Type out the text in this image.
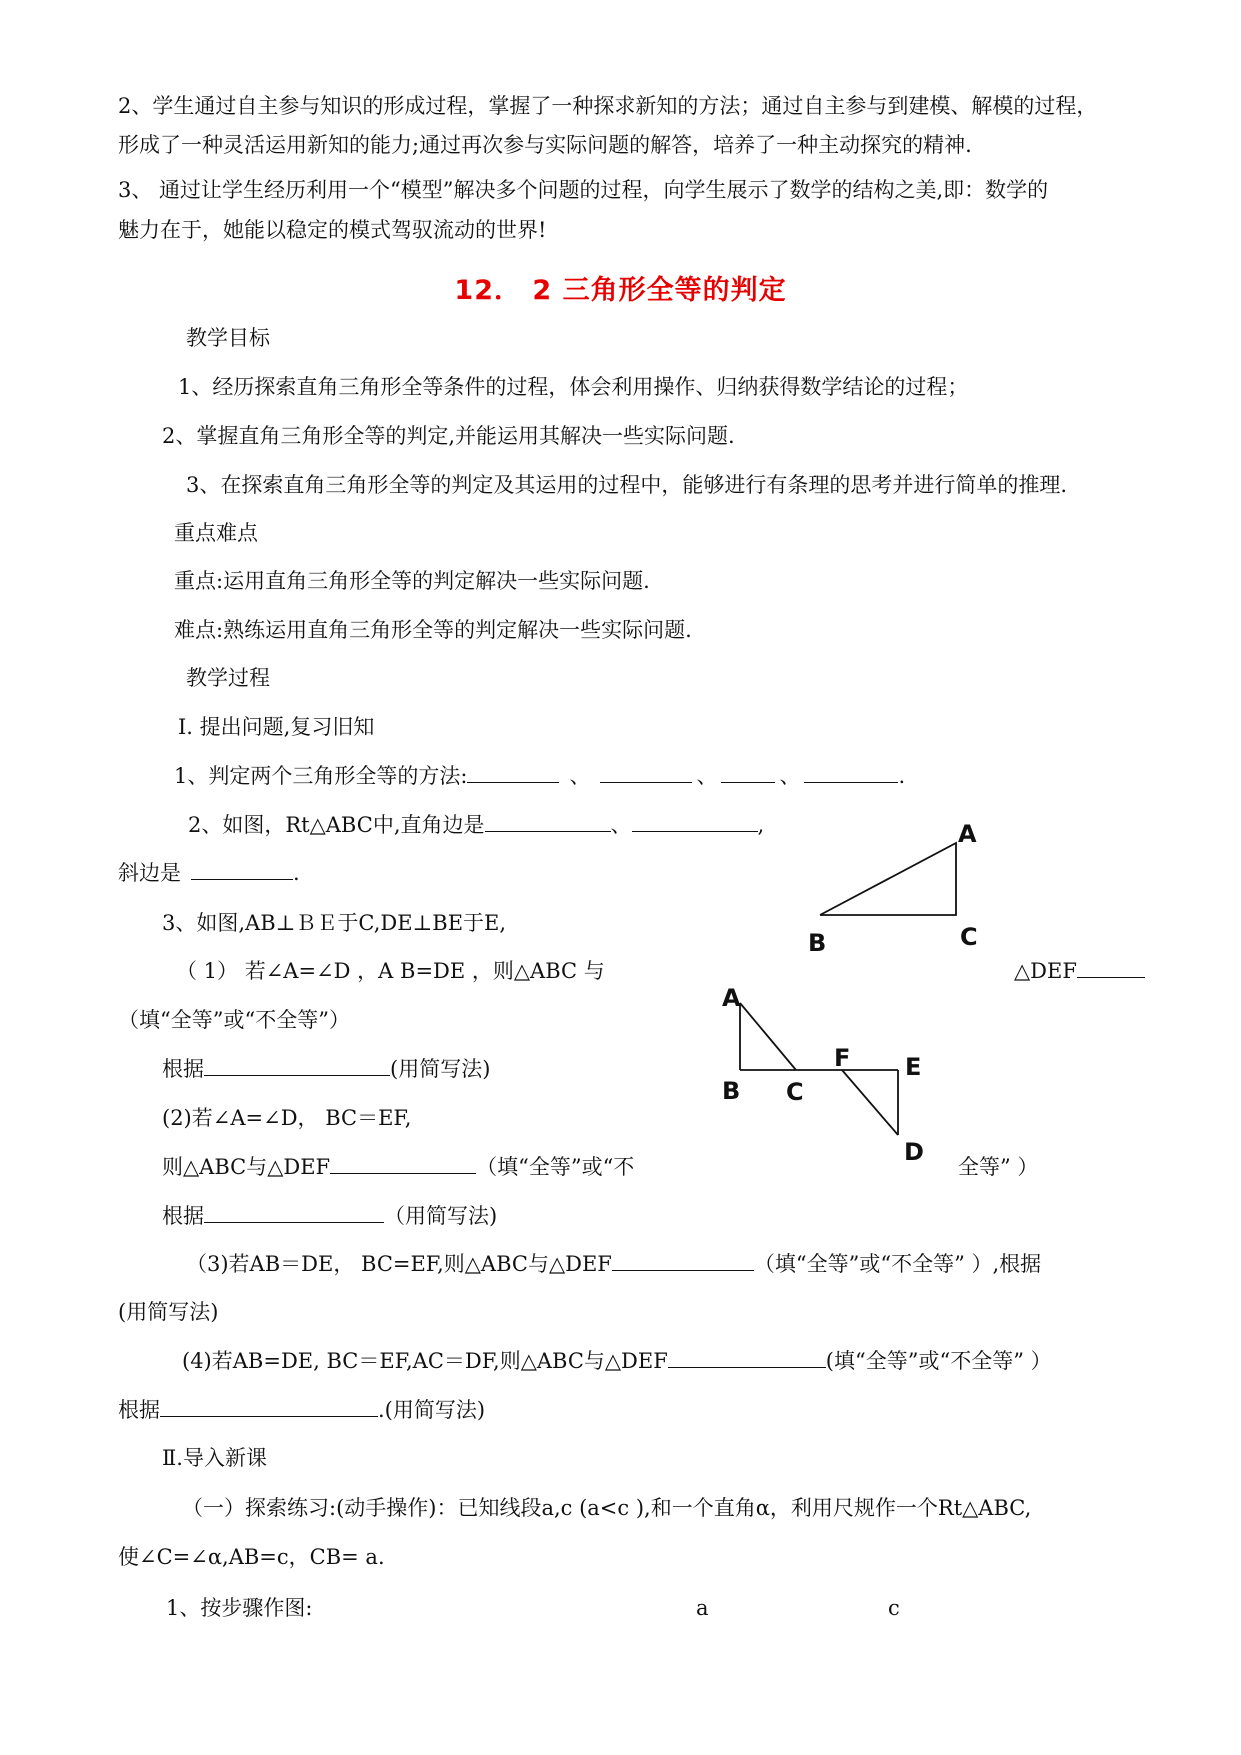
2、学生通过自主参与知识的形成过程，掌握了一种探求新知的方法；通过自主参与到建模、解模的过程，
形成了一种灵活运用新知的能力;通过再次参与实际问题的解答，培养了一种主动探究的精神.
3、 通过让学生经历利用一个“模型”解决多个问题的过程，向学生展示了数学的结构之美,即：数学的
魅力在于，她能以稳定的模式驾驭流动的世界!
12． 2 三角形全等的判定
教学目标
1、经历探索直角三角形全等条件的过程，体会利用操作、归纳获得数学结论的过程；
2、掌握直角三角形全等的判定,并能运用其解决一些实际问题.
3、在探索直角三角形全等的判定及其运用的过程中，能够进行有条理的思考并进行简单的推理.
重点难点
重点:运用直角三角形全等的判定解决一些实际问题.
难点:熟练运用直角三角形全等的判定解决一些实际问题.
教学过程
Ⅰ. 提出问题,复习旧知
1、判定两个三角形全等的方法:	、	、	、	.
2、如图，Rt△ABC中,直角边是	、	,
斜边是	.
A
B	C
3、如图,AB⊥ＢＥ于C,DE⊥BE于E,
（ 1） 若∠A=∠D ，A B=DE ，则△ABC 与	△DEF
（填“全等”或“不全等”）
根据	(用简写法)
A
B C
F E
D
(2)若∠A=∠D， BC＝EF,
则△ABC与△DEF	（填“全等”或“不	全等” ）
根据	（用简写法)
（3)若AB＝DE， BC=EF,则△ABC与△DEF	（填“全等”或“不全等” ）,根据
(用简写法)
(4)若AB=DE, BC＝EF,AC＝DF,则△ABC与△DEF	(填“全等”或“不全等” ）
根据	.(用简写法)
Ⅱ.导入新课
（一）探索练习:(动手操作)：已知线段a,c (a<c ),和一个直角α，利用尺规作一个Rt△ABC,
使∠C=∠α,AB=c，CB= a.
1、按步骤作图:	a	c
